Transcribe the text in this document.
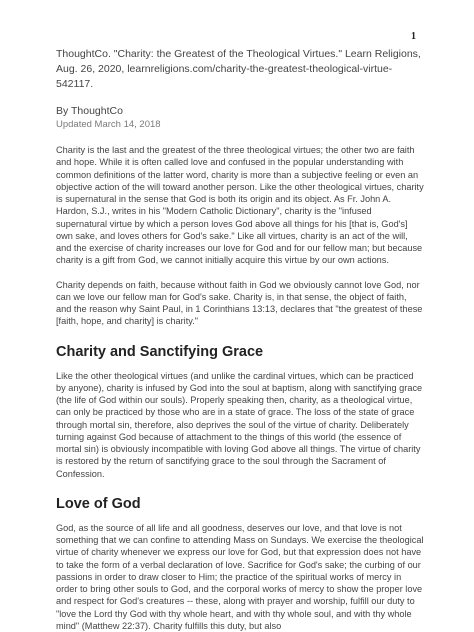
1

ThoughtCo. "Charity: the Greatest of the Theological Virtues." Learn Religions, Aug. 26, 2020, learnreligions.com/charity-the-greatest-theological-virtue-542117.

By ThoughtCo

Updated March 14, 2018

Charity is the last and the greatest of the three theological virtues; the other two are faith and hope. While it is often called love and confused in the popular understanding with common definitions of the latter word, charity is more than a subjective feeling or even an objective action of the will toward another person. Like the other theological virtues, charity is supernatural in the sense that God is both its origin and its object. As Fr. John A. Hardon, S.J., writes in his "Modern Catholic Dictionary", charity is the "infused supernatural virtue by which a person loves God above all things for his [that is, God's] own sake, and loves others for God's sake." Like all virtues, charity is an act of the will, and the exercise of charity increases our love for God and for our fellow man; but because charity is a gift from God, we cannot initially acquire this virtue by our own actions.

Charity depends on faith, because without faith in God we obviously cannot love God, nor can we love our fellow man for God's sake. Charity is, in that sense, the object of faith, and the reason why Saint Paul, in 1 Corinthians 13:13, declares that "the greatest of these [faith, hope, and charity] is charity."

Charity and Sanctifying Grace

Like the other theological virtues (and unlike the cardinal virtues, which can be practiced by anyone), charity is infused by God into the soul at baptism, along with sanctifying grace (the life of God within our souls). Properly speaking then, charity, as a theological virtue, can only be practiced by those who are in a state of grace. The loss of the state of grace through mortal sin, therefore, also deprives the soul of the virtue of charity. Deliberately turning against God because of attachment to the things of this world (the essence of mortal sin) is obviously incompatible with loving God above all things. The virtue of charity is restored by the return of sanctifying grace to the soul through the Sacrament of Confession.

Love of God

God, as the source of all life and all goodness, deserves our love, and that love is not something that we can confine to attending Mass on Sundays. We exercise the theological virtue of charity whenever we express our love for God, but that expression does not have to take the form of a verbal declaration of love. Sacrifice for God's sake; the curbing of our passions in order to draw closer to Him; the practice of the spiritual works of mercy in order to bring other souls to God, and the corporal works of mercy to show the proper love and respect for God's creatures -- these, along with prayer and worship, fulfill our duty to "love the Lord thy God with thy whole heart, and with thy whole soul, and with thy whole mind" (Matthew 22:37). Charity fulfills this duty, but also
